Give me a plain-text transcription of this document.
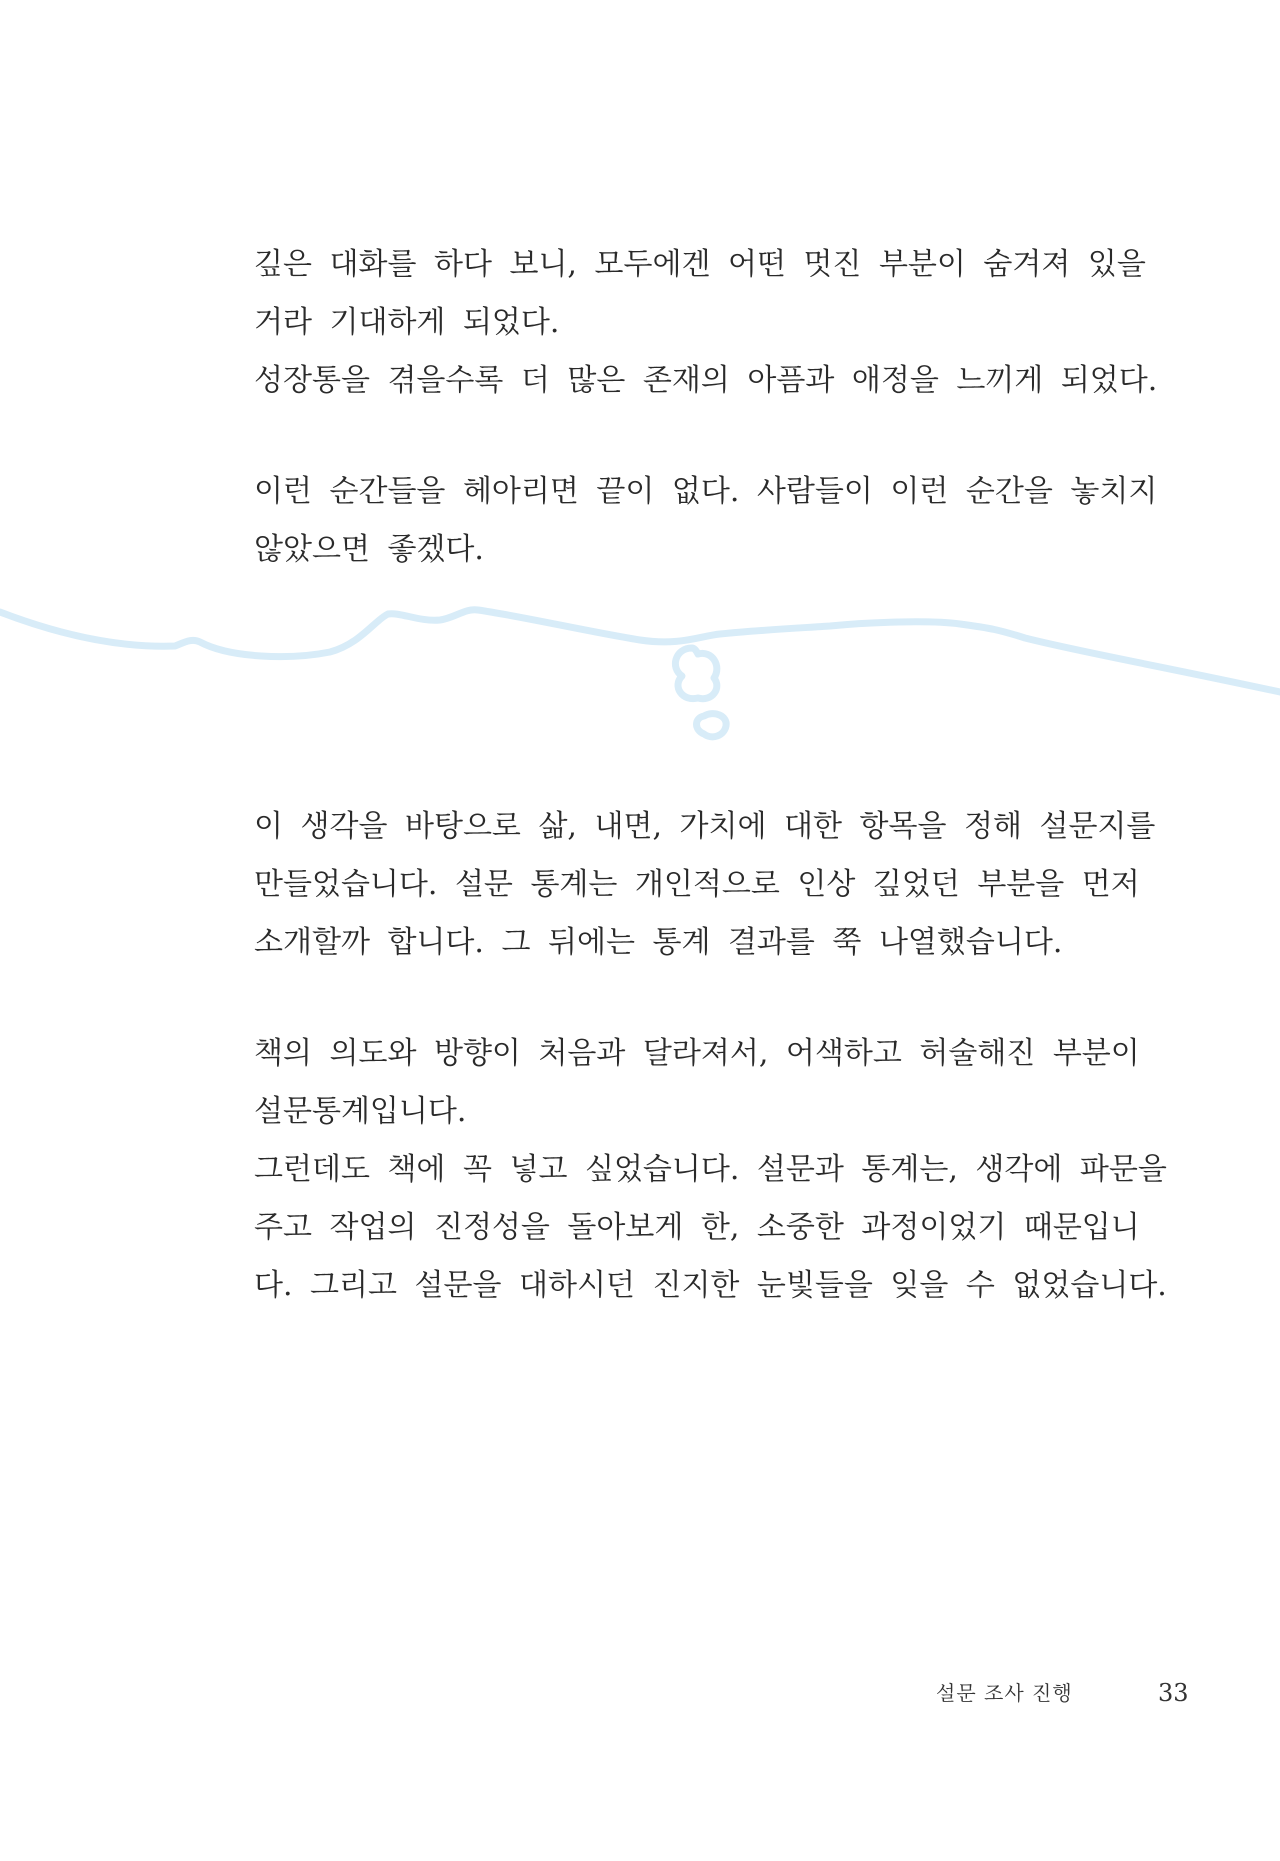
깊은 대화를 하다 보니, 모두에겐 어떤 멋진 부분이 숨겨져 있을
거라 기대하게 되었다.
성장통을 겪을수록 더 많은 존재의 아픔과 애정을 느끼게 되었다.
이런 순간들을 헤아리면 끝이 없다. 사람들이 이런 순간을 놓치지
않았으면 좋겠다.
이 생각을 바탕으로 삶, 내면, 가치에 대한 항목을 정해 설문지를
만들었습니다. 설문 통계는 개인적으로 인상 깊었던 부분을 먼저
소개할까 합니다. 그 뒤에는 통계 결과를 쭉 나열했습니다.
책의 의도와 방향이 처음과 달라져서, 어색하고 허술해진 부분이
설문통계입니다.
그런데도 책에 꼭 넣고 싶었습니다. 설문과 통계는, 생각에 파문을
주고 작업의 진정성을 돌아보게 한, 소중한 과정이었기 때문입니
다. 그리고 설문을 대하시던 진지한 눈빛들을 잊을 수 없었습니다.
설문 조사 진행	33
